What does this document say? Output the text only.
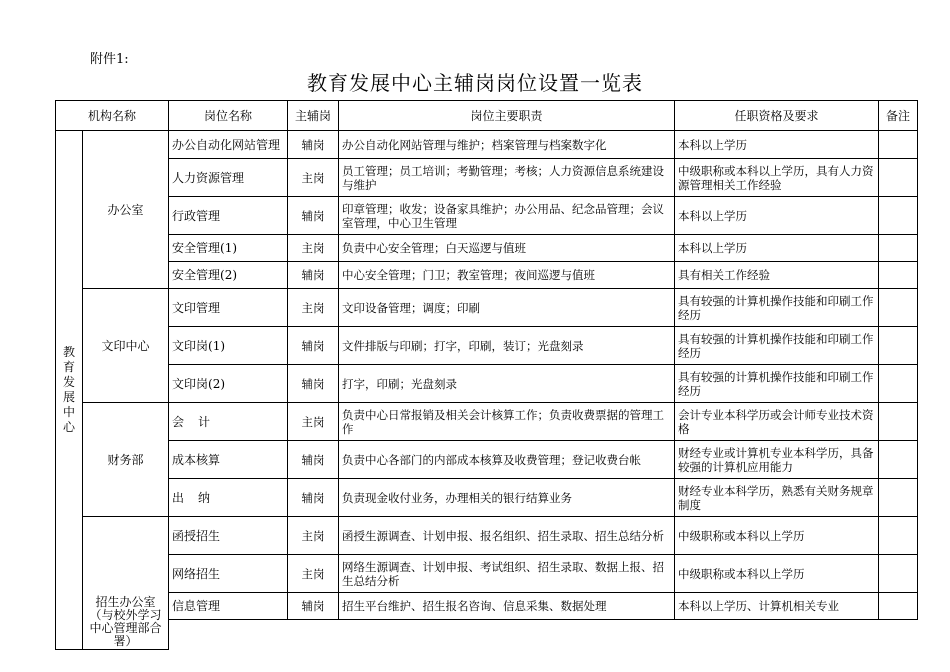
附件1:
教育发展中心主辅岗岗位设置一览表
机构名称		岗位名称	主辅岗	岗位主要职责	任职资格及要求	备注

教育发展中心	办公室	办公自动化网站管理	辅岗	办公自动化网站管理与维护；档案管理与档案数字化	本科以上学历	
		人力资源管理	主岗	员工管理；员工培训；考勤管理；考核；人力资源信息系统建设与维护	中级职称或本科以上学历，具有人力资源管理相关工作经验	
		行政管理	辅岗	印章管理；收发；设备家具维护；办公用品、纪念品管理；会议室管理，中心卫生管理	本科以上学历	
		安全管理(1)	主岗	负责中心安全管理；白天巡逻与值班	本科以上学历	
		安全管理(2)	辅岗	中心安全管理；门卫；教室管理；夜间巡逻与值班	具有相关工作经验	
	文印中心	文印管理	主岗	文印设备管理；调度；印刷	具有较强的计算机操作技能和印刷工作经历	
		文印岗(1)	辅岗	文件排版与印刷；打字，印刷，装订；光盘刻录	具有较强的计算机操作技能和印刷工作经历	
		文印岗(2)	辅岗	打字，印刷；光盘刻录	具有较强的计算机操作技能和印刷工作经历	
	财务部	会计	主岗	负责中心日常报销及相关会计核算工作；负责收费票据的管理工作	会计专业本科学历或会计师专业技术资格	
		成本核算	辅岗	负责中心各部门的内部成本核算及收费管理；登记收费台帐	财经专业或计算机专业本科学历，具备较强的计算机应用能力	
		出纳	辅岗	负责现金收付业务，办理相关的银行结算业务	财经专业本科学历，熟悉有关财务规章制度	
	招生办公室（与校外学习中心管理部合署）	函授招生	主岗	函授生源调查、计划申报、报名组织、招生录取、招生总结分析	中级职称或本科以上学历	
		网络招生	主岗	网络生源调查、计划申报、考试组织、招生录取、数据上报、招生总结分析	中级职称或本科以上学历	
		信息管理	辅岗	招生平台维护、招生报名咨询、信息采集、数据处理	本科以上学历、计算机相关专业	
